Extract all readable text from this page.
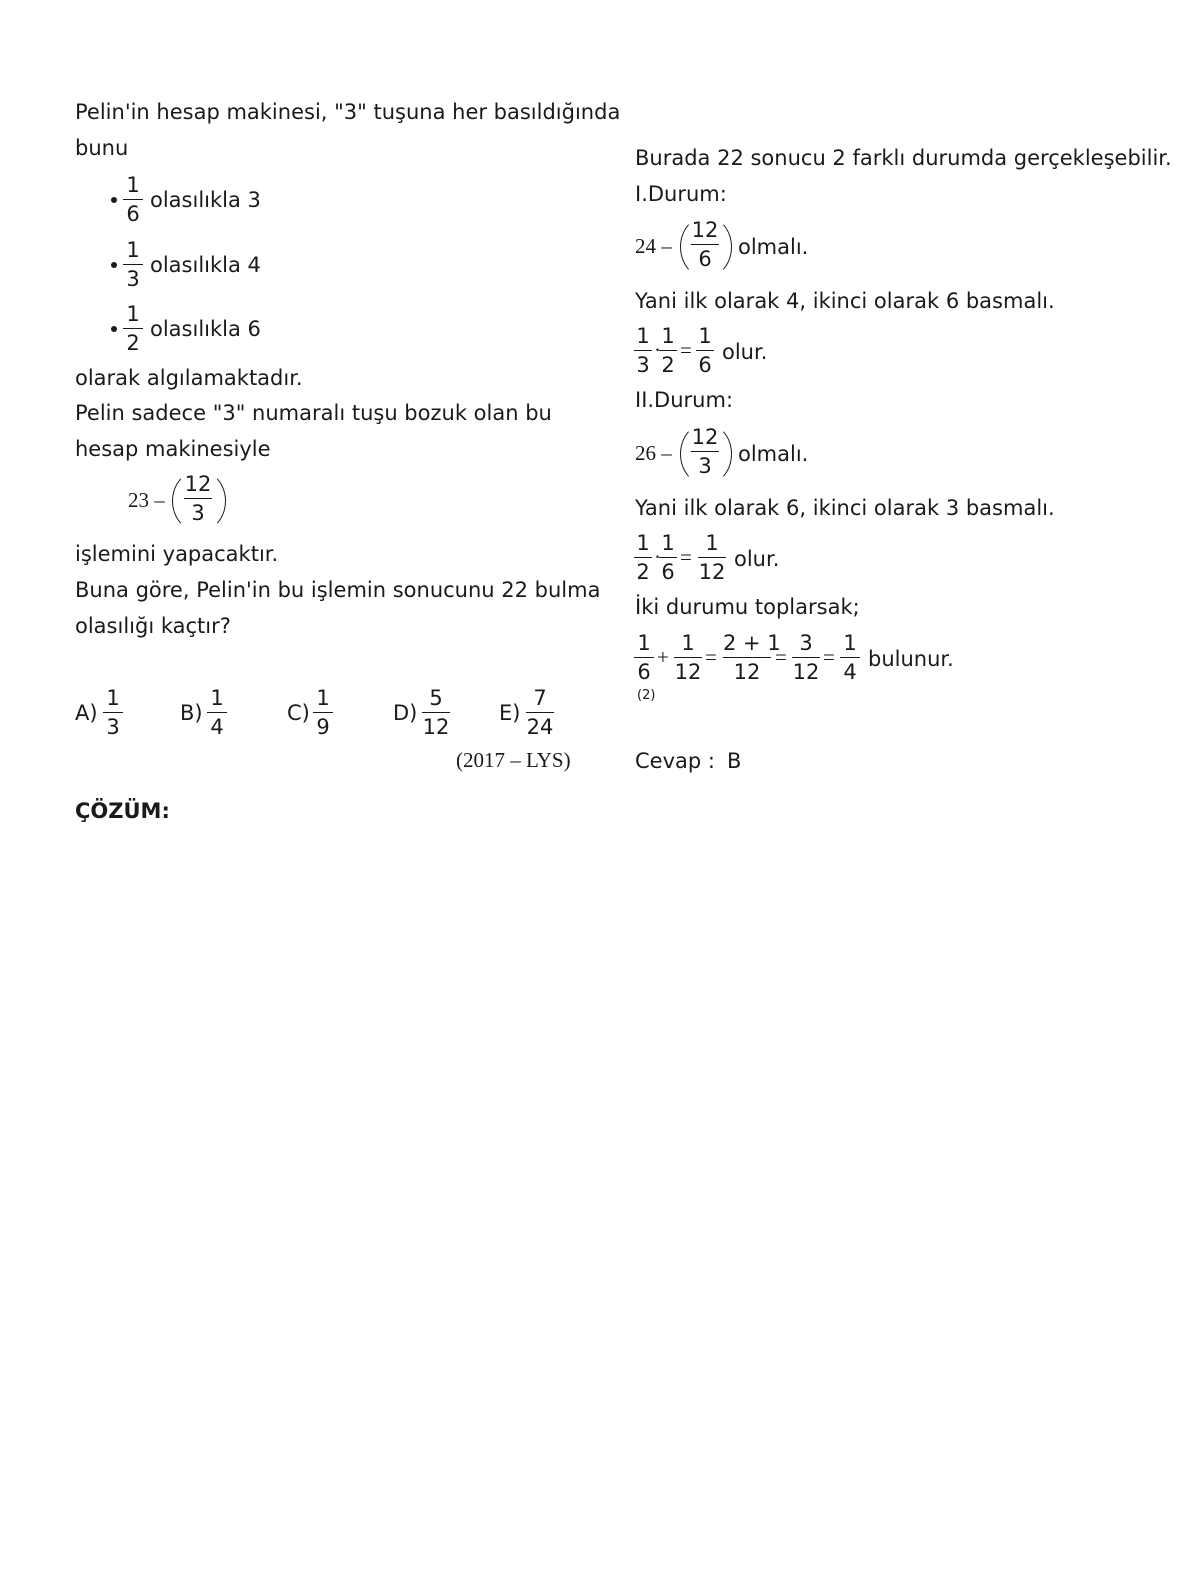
Pelin'in hesap makinesi, "3" tuşuna her basıldığında
bunu
1
6
olasılıkla 3
1
3
olasılıkla 4
1
2
olasılıkla 6
olarak algılamaktadır.
Pelin sadece "3" numaralı tuşu bozuk olan bu
hesap makinesiyle
23 –
12
3
işlemini yapacaktır.
Buna göre, Pelin'in bu işlemin sonucunu 22 bulma
olasılığı kaçtır?
A)
1
3
B)
1
4
C)
1
9
D)
5
12
E)
7
24
(2017 – LYS)
ÇÖZÜM:
Burada 22 sonucu 2 farklı durumda gerçekleşebilir.
I.Durum:
24 –
12
6	olmalı.
Yani ilk olarak 4, ikinci olarak 6 basmalı.
1
3
·
1
2
=
1
6
olur.
II.Durum:
26 –
12
3	olmalı.
Yani ilk olarak 6, ikinci olarak 3 basmalı.
1
2
·
1
6
=
1
12
olur.
İki durumu toplarsak;
1
6
(2)
+
1
12
=
2 + 1
12
=
3
12
=
1
4
bulunur.
Cevap : B
